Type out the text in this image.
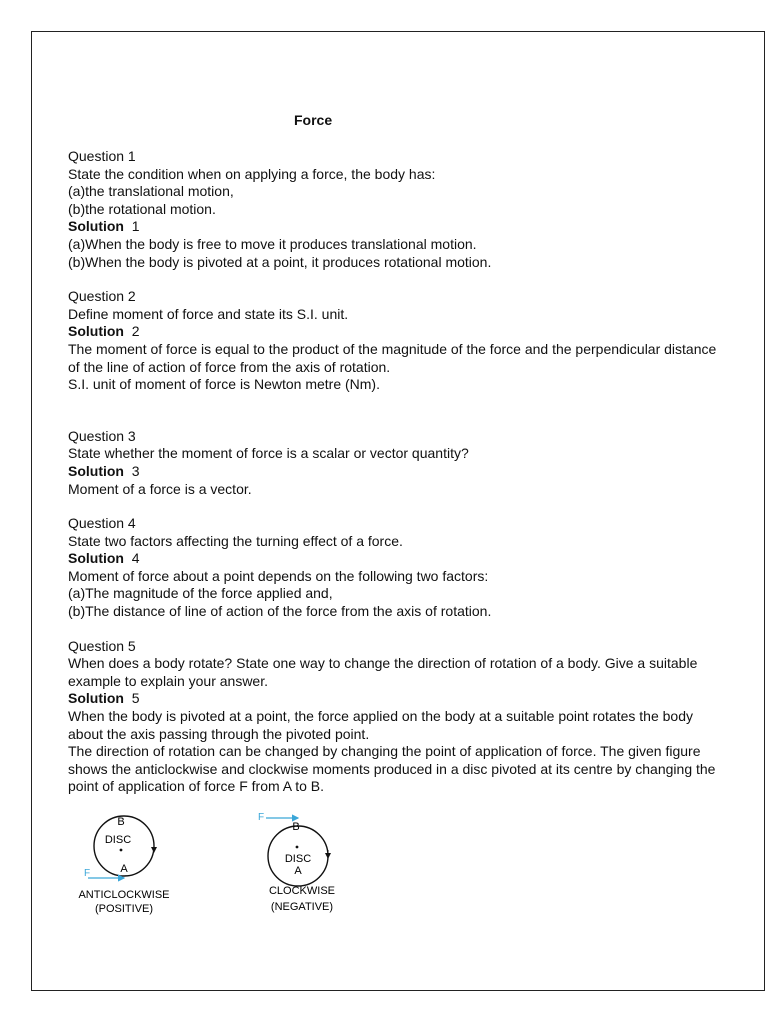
Force

Question 1

State the condition when on applying a force, the body has:

(a)the translational motion,

(b)the rotational motion.

Solution 1

(a)When the body is free to move it produces translational motion.

(b)When the body is pivoted at a point, it produces rotational motion.

Question 2

Define moment of force and state its S.I. unit.

Solution 2

The moment of force is equal to the product of the magnitude of the force and the perpendicular distance of the line of action of force from the axis of rotation.

S.I. unit of moment of force is Newton metre (Nm).

Question 3

State whether the moment of force is a scalar or vector quantity?

Solution 3

Moment of a force is a vector.

Question 4

State two factors affecting the turning effect of a force.

Solution 4

Moment of force about a point depends on the following two factors:

(a)The magnitude of the force applied and,

(b)The distance of line of action of the force from the axis of rotation.

Question 5

When does a body rotate? State one way to change the direction of rotation of a body. Give a suitable example to explain your answer.

Solution 5

When the body is pivoted at a point, the force applied on the body at a suitable point rotates the body about the axis passing through the pivoted point.

The direction of rotation can be changed by changing the point of application of force. The given figure shows the anticlockwise and clockwise moments produced in a disc pivoted at its centre by changing the point of application of force F from A to B.

B
DISC
A
F
ANTICLOCKWISE
(POSITIVE)
B
DISC
A
F
CLOCKWISE
(NEGATIVE)
